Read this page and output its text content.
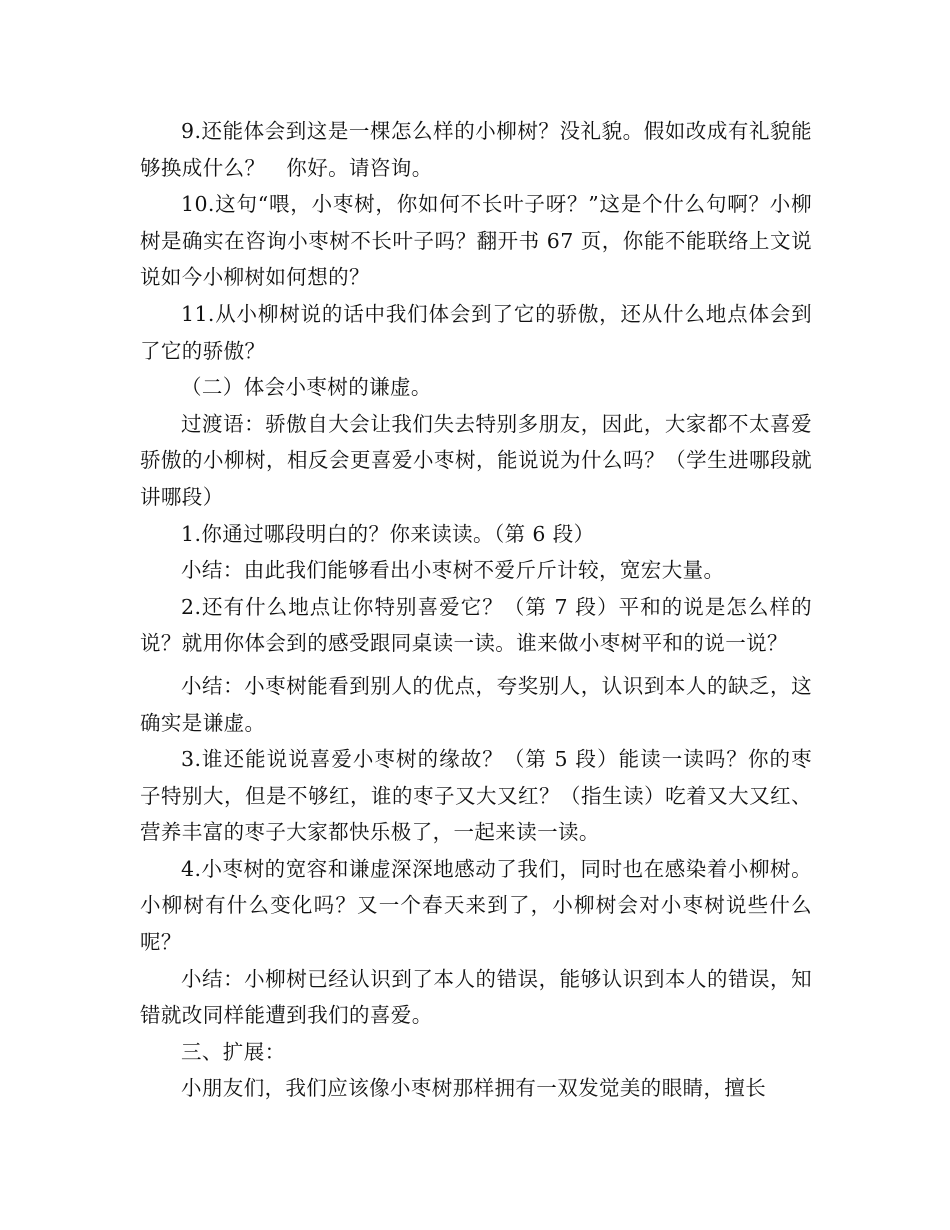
9.还能体会到这是一棵怎么样的小柳树？没礼貌。假如改成有礼貌能够换成什么？　你好。请咨询。

10.这句“喂，小枣树，你如何不长叶子呀？”这是个什么句啊？小柳树是确实在咨询小枣树不长叶子吗？翻开书 67 页，你能不能联络上文说说如今小柳树如何想的？

11.从小柳树说的话中我们体会到了它的骄傲，还从什么地点体会到了它的骄傲？

（二）体会小枣树的谦虚。

过渡语：骄傲自大会让我们失去特别多朋友，因此，大家都不太喜爱骄傲的小柳树，相反会更喜爱小枣树，能说说为什么吗？（学生进哪段就讲哪段）

1.你通过哪段明白的？你来读读。（第 6 段）

小结：由此我们能够看出小枣树不爱斤斤计较，宽宏大量。

2.还有什么地点让你特别喜爱它？（第 7 段）平和的说是怎么样的说？就用你体会到的感受跟同桌读一读。谁来做小枣树平和的说一说？

小结：小枣树能看到别人的优点，夸奖别人，认识到本人的缺乏，这确实是谦虚。

3.谁还能说说喜爱小枣树的缘故？（第 5 段）能读一读吗？你的枣子特别大，但是不够红，谁的枣子又大又红？（指生读）吃着又大又红、营养丰富的枣子大家都快乐极了，一起来读一读。

4.小枣树的宽容和谦虚深深地感动了我们，同时也在感染着小柳树。小柳树有什么变化吗？又一个春天来到了，小柳树会对小枣树说些什么呢？

小结：小柳树已经认识到了本人的错误，能够认识到本人的错误，知错就改同样能遭到我们的喜爱。

三、扩展：

小朋友们，我们应该像小枣树那样拥有一双发觉美的眼睛，擅长
